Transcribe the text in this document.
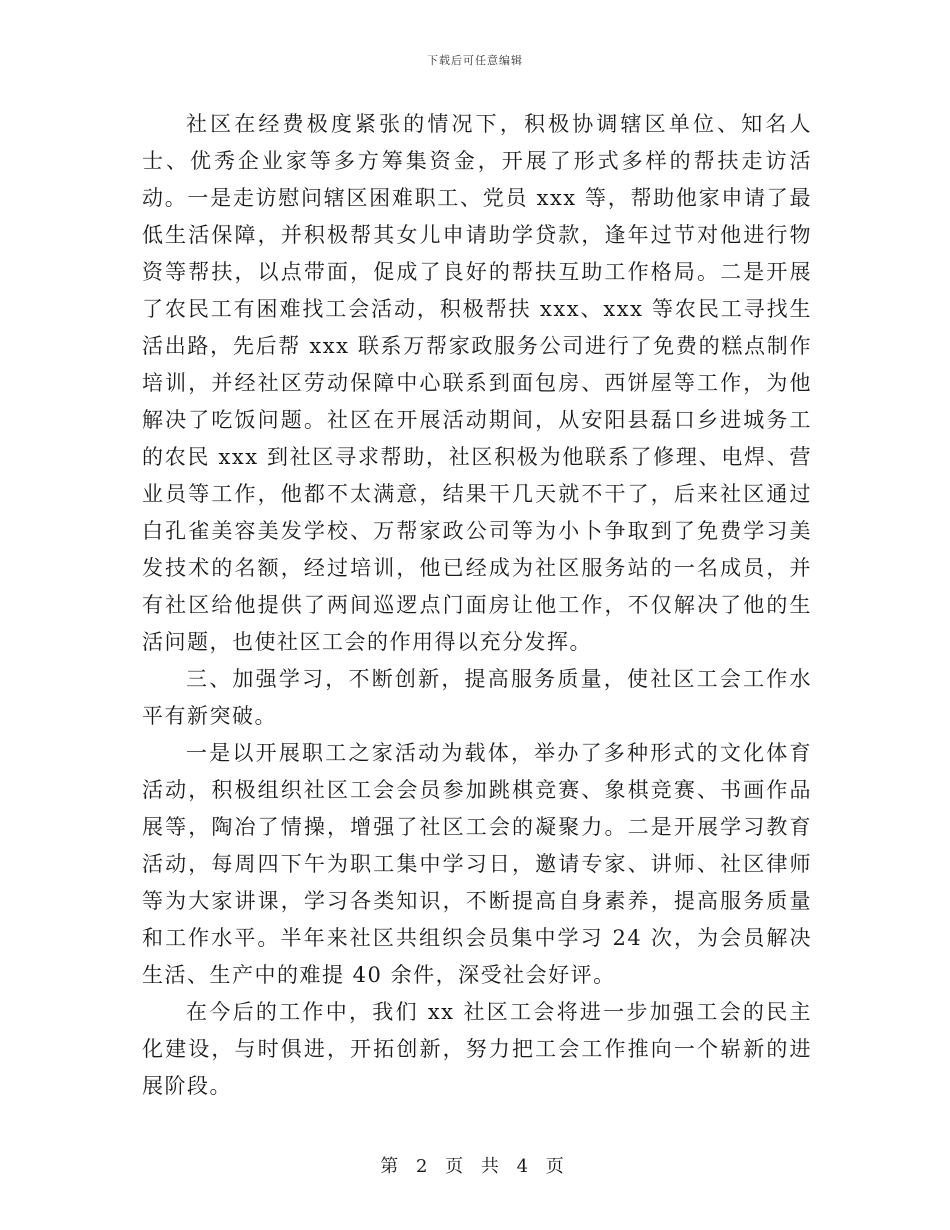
下载后可任意编辑

社区在经费极度紧张的情况下，积极协调辖区单位、知名人士、优秀企业家等多方筹集资金，开展了形式多样的帮扶走访活动。一是走访慰问辖区困难职工、党员 xxx 等，帮助他家申请了最低生活保障，并积极帮其女儿申请助学贷款，逢年过节对他进行物资等帮扶，以点带面，促成了良好的帮扶互助工作格局。二是开展了农民工有困难找工会活动，积极帮扶 xxx、xxx 等农民工寻找生活出路，先后帮 xxx 联系万帮家政服务公司进行了免费的糕点制作培训，并经社区劳动保障中心联系到面包房、西饼屋等工作，为他解决了吃饭问题。社区在开展活动期间，从安阳县磊口乡进城务工的农民 xxx 到社区寻求帮助，社区积极为他联系了修理、电焊、营业员等工作，他都不太满意，结果干几天就不干了，后来社区通过白孔雀美容美发学校、万帮家政公司等为小卜争取到了免费学习美发技术的名额，经过培训，他已经成为社区服务站的一名成员，并有社区给他提供了两间巡逻点门面房让他工作，不仅解决了他的生活问题，也使社区工会的作用得以充分发挥。

三、加强学习，不断创新，提高服务质量，使社区工会工作水平有新突破。

一是以开展职工之家活动为载体，举办了多种形式的文化体育活动，积极组织社区工会会员参加跳棋竞赛、象棋竞赛、书画作品展等，陶冶了情操，增强了社区工会的凝聚力。二是开展学习教育活动，每周四下午为职工集中学习日，邀请专家、讲师、社区律师等为大家讲课，学习各类知识，不断提高自身素养，提高服务质量和工作水平。半年来社区共组织会员集中学习 24 次，为会员解决生活、生产中的难提 40 余件，深受社会好评。

在今后的工作中，我们 xx 社区工会将进一步加强工会的民主化建设，与时俱进，开拓创新，努力把工会工作推向一个崭新的进展阶段。

第 2 页 共 4 页
